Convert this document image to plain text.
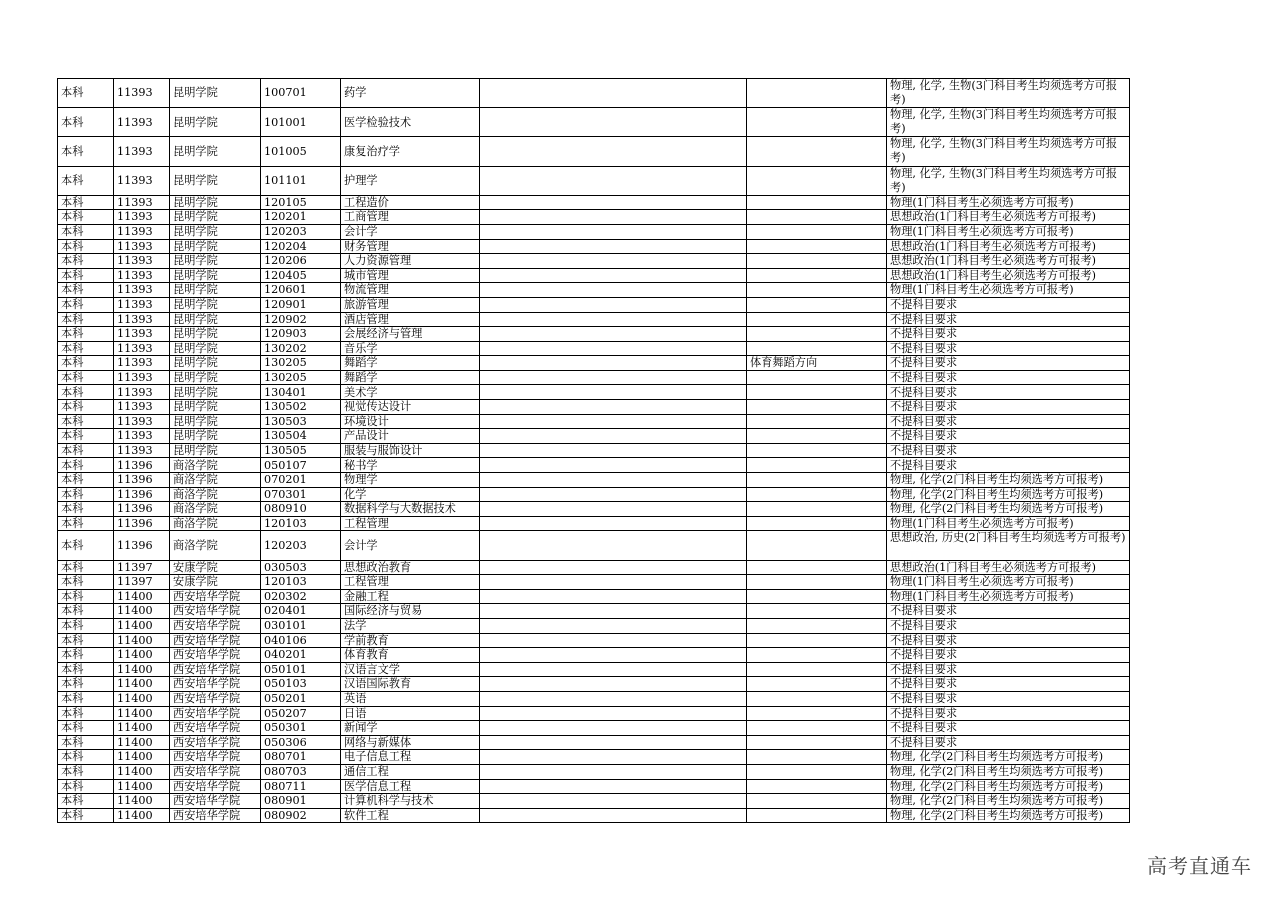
本科	11393	昆明学院	100701	药学			物理, 化学, 生物(3门科目考生均须选考方可报考)
本科	11393	昆明学院	101001	医学检验技术			物理, 化学, 生物(3门科目考生均须选考方可报考)
本科	11393	昆明学院	101005	康复治疗学			物理, 化学, 生物(3门科目考生均须选考方可报考)
本科	11393	昆明学院	101101	护理学			物理, 化学, 生物(3门科目考生均须选考方可报考)
本科	11393	昆明学院	120105	工程造价			物理(1门科目考生必须选考方可报考)
本科	11393	昆明学院	120201	工商管理			思想政治(1门科目考生必须选考方可报考)
本科	11393	昆明学院	120203	会计学			物理(1门科目考生必须选考方可报考)
本科	11393	昆明学院	120204	财务管理			思想政治(1门科目考生必须选考方可报考)
本科	11393	昆明学院	120206	人力资源管理			思想政治(1门科目考生必须选考方可报考)
本科	11393	昆明学院	120405	城市管理			思想政治(1门科目考生必须选考方可报考)
本科	11393	昆明学院	120601	物流管理			物理(1门科目考生必须选考方可报考)
本科	11393	昆明学院	120901	旅游管理			不提科目要求
本科	11393	昆明学院	120902	酒店管理			不提科目要求
本科	11393	昆明学院	120903	会展经济与管理			不提科目要求
本科	11393	昆明学院	130202	音乐学			不提科目要求
本科	11393	昆明学院	130205	舞蹈学		体育舞蹈方向	不提科目要求
本科	11393	昆明学院	130205	舞蹈学			不提科目要求
本科	11393	昆明学院	130401	美术学			不提科目要求
本科	11393	昆明学院	130502	视觉传达设计			不提科目要求
本科	11393	昆明学院	130503	环境设计			不提科目要求
本科	11393	昆明学院	130504	产品设计			不提科目要求
本科	11393	昆明学院	130505	服装与服饰设计			不提科目要求
本科	11396	商洛学院	050107	秘书学			不提科目要求
本科	11396	商洛学院	070201	物理学			物理, 化学(2门科目考生均须选考方可报考)
本科	11396	商洛学院	070301	化学			物理, 化学(2门科目考生均须选考方可报考)
本科	11396	商洛学院	080910	数据科学与大数据技术			物理, 化学(2门科目考生均须选考方可报考)
本科	11396	商洛学院	120103	工程管理			物理(1门科目考生必须选考方可报考)
本科	11396	商洛学院	120203	会计学			思想政治, 历史(2门科目考生均须选考方可报考)
本科	11397	安康学院	030503	思想政治教育			思想政治(1门科目考生必须选考方可报考)
本科	11397	安康学院	120103	工程管理			物理(1门科目考生必须选考方可报考)
本科	11400	西安培华学院	020302	金融工程			物理(1门科目考生必须选考方可报考)
本科	11400	西安培华学院	020401	国际经济与贸易			不提科目要求
本科	11400	西安培华学院	030101	法学			不提科目要求
本科	11400	西安培华学院	040106	学前教育			不提科目要求
本科	11400	西安培华学院	040201	体育教育			不提科目要求
本科	11400	西安培华学院	050101	汉语言文学			不提科目要求
本科	11400	西安培华学院	050103	汉语国际教育			不提科目要求
本科	11400	西安培华学院	050201	英语			不提科目要求
本科	11400	西安培华学院	050207	日语			不提科目要求
本科	11400	西安培华学院	050301	新闻学			不提科目要求
本科	11400	西安培华学院	050306	网络与新媒体			不提科目要求
本科	11400	西安培华学院	080701	电子信息工程			物理, 化学(2门科目考生均须选考方可报考)
本科	11400	西安培华学院	080703	通信工程			物理, 化学(2门科目考生均须选考方可报考)
本科	11400	西安培华学院	080711	医学信息工程			物理, 化学(2门科目考生均须选考方可报考)
本科	11400	西安培华学院	080901	计算机科学与技术			物理, 化学(2门科目考生均须选考方可报考)
本科	11400	西安培华学院	080902	软件工程			物理, 化学(2门科目考生均须选考方可报考)
高考直通车
